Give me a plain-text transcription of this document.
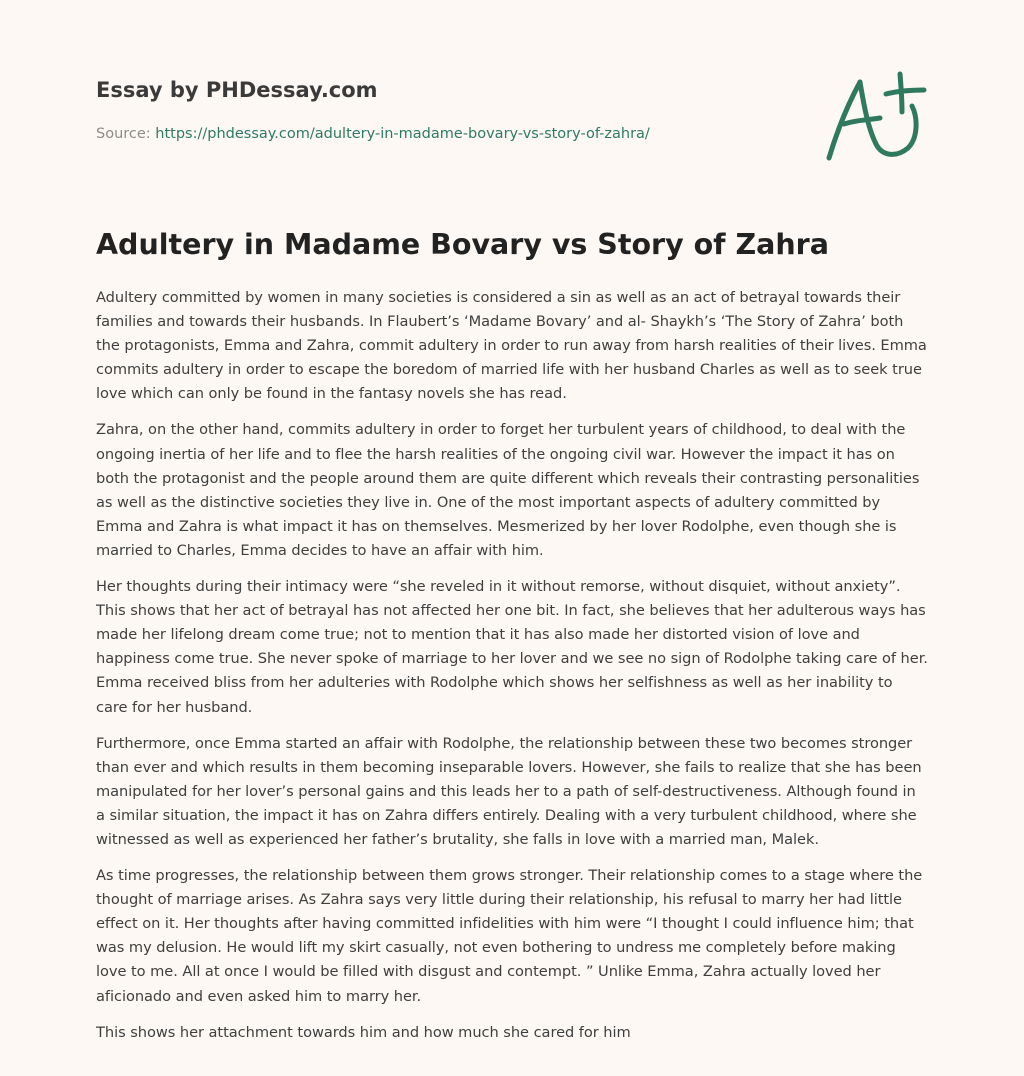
Essay by PHDessay.com
Source: https://phdessay.com/adultery-in-madame-bovary-vs-story-of-zahra/
Adultery in Madame Bovary vs Story of Zahra

Adultery committed by women in many societies is considered a sin as well as an act of betrayal towards their families and towards their husbands. In Flaubert’s ‘Madame Bovary’ and al- Shaykh’s ‘The Story of Zahra’ both the protagonists, Emma and Zahra, commit adultery in order to run away from harsh realities of their lives. Emma commits adultery in order to escape the boredom of married life with her husband Charles as well as to seek true love which can only be found in the fantasy novels she has read.

Zahra, on the other hand, commits adultery in order to forget her turbulent years of childhood, to deal with the ongoing inertia of her life and to flee the harsh realities of the ongoing civil war. However the impact it has on both the protagonist and the people around them are quite different which reveals their contrasting personalities as well as the distinctive societies they live in. One of the most important aspects of adultery committed by Emma and Zahra is what impact it has on themselves. Mesmerized by her lover Rodolphe, even though she is married to Charles, Emma decides to have an affair with him.

Her thoughts during their intimacy were “she reveled in it without remorse, without disquiet, without anxiety”. This shows that her act of betrayal has not affected her one bit. In fact, she believes that her adulterous ways has made her lifelong dream come true; not to mention that it has also made her distorted vision of love and happiness come true. She never spoke of marriage to her lover and we see no sign of Rodolphe taking care of her. Emma received bliss from her adulteries with Rodolphe which shows her selfishness as well as her inability to care for her husband.

Furthermore, once Emma started an affair with Rodolphe, the relationship between these two becomes stronger than ever and which results in them becoming inseparable lovers. However, she fails to realize that she has been manipulated for her lover’s personal gains and this leads her to a path of self-destructiveness. Although found in a similar situation, the impact it has on Zahra differs entirely. Dealing with a very turbulent childhood, where she witnessed as well as experienced her father’s brutality, she falls in love with a married man, Malek.

As time progresses, the relationship between them grows stronger. Their relationship comes to a stage where the thought of marriage arises. As Zahra says very little during their relationship, his refusal to marry her had little effect on it. Her thoughts after having committed infidelities with him were “I thought I could influence him; that was my delusion. He would lift my skirt casually, not even bothering to undress me completely before making love to me. All at once I would be filled with disgust and contempt. ” Unlike Emma, Zahra actually loved her aficionado and even asked him to marry her.

This shows her attachment towards him and how much she cared for him
